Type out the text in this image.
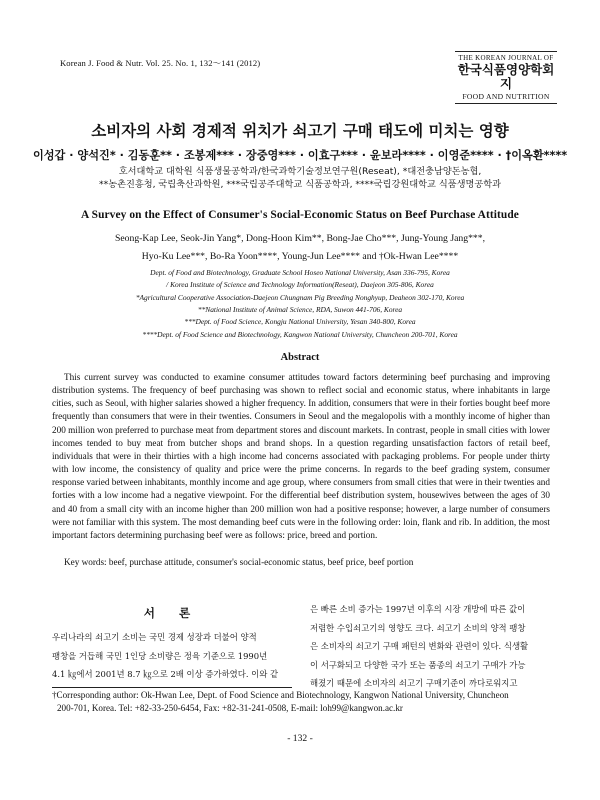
Korean J. Food & Nutr. Vol. 25. No. 1, 132～141 (2012)	THE KOREAN JOURNAL OF
한국식품영양학회지
FOOD AND NUTRITION
소비자의 사회 경제적 위치가 쇠고기 구매 태도에 미치는 영향
이성갑 · 양석진* · 김동훈** · 조봉제*** · 장중영*** · 이효구*** · 윤보라**** · 이영준**** · †이옥환****
호서대학교 대학원 식품생물공학과/한국과학기술정보연구원(Reseat), *대전충남양돈농협,
**농촌진흥청, 국립축산과학원, ***국립공주대학교 식품공학과, ****국립강원대학교 식품생명공학과
A Survey on the Effect of Consumer's Social-Economic Status on Beef Purchase Attitude
Seong-Kap Lee, Seok-Jin Yang*, Dong-Hoon Kim**, Bong-Jae Cho***, Jung-Young Jang***,
Hyo-Ku Lee***, Bo-Ra Yoon****, Young-Jun Lee**** and †Ok-Hwan Lee****
Dept. of Food and Biotechnology, Graduate School Hoseo National University, Asan 336-795, Korea
/ Korea Institute of Science and Technology Information(Reseat), Daejeon 305-806, Korea
*Agricultural Cooperative Association-Daejeon Chungnam Pig Breeding Nonghyup, Deaheon 302-170, Korea
**National Institute of Animal Science, RDA, Suwon 441-706, Korea
***Dept. of Food Science, Kongju National University, Yesan 340-800, Korea
****Dept. of Food Science and Biotechnology, Kangwon National University, Chuncheon 200-701, Korea
Abstract

This current survey was conducted to examine consumer attitudes toward factors determining beef purchasing and improving distribution systems. The frequency of beef purchasing was shown to reflect social and economic status, where inhabitants in large cities, such as Seoul, with higher salaries showed a higher frequency. In addition, consumers that were in their forties bought beef more frequently than consumers that were in their twenties. Consumers in Seoul and the megalopolis with a monthly income of higher than 200 million won preferred to purchase meat from department stores and discount markets. In contrast, people in small cities with lower incomes tended to buy meat from butcher shops and brand shops. In a question regarding unsatisfaction factors of retail beef, individuals that were in their thirties with a high income had concerns associated with packaging problems. For people under thirty with low income, the consistency of quality and price were the prime concerns. In regards to the beef grading system, consumer response varied between inhabitants, monthly income and age group, where consumers from small cities that were in their twenties and forties with a low income had a negative viewpoint. For the differential beef distribution system, housewives between the ages of 30 and 40 from a small city with an income higher than 200 million won had a positive response; however, a large number of consumers were not familiar with this system. The most demanding beef cuts were in the following order: loin, flank and rib. In addition, the most important factors determining purchasing beef were as follows: price, breed and portion.

Key words: beef, purchase attitude, consumer's social-economic status, beef price, beef portion
서 론
우리나라의 쇠고기 소비는 국민 경제 성장과 더불어 양적
팽창을 거듭해 국민 1인당 소비량은 정육 기준으로 1990년
4.1 ㎏에서 2001년 8.7 ㎏으로 2배 이상 증가하였다. 이와 같
은 빠른 소비 증가는 1997년 이후의 시장 개방에 따른 값이
저렴한 수입쇠고기의 영향도 크다. 쇠고기 소비의 양적 팽창
은 소비자의 쇠고기 구매 패턴의 변화와 관련이 있다. 식생활
이 서구화되고 다양한 국가 또는 품종의 쇠고기 구매가 가능
해졌기 때문에 소비자의 쇠고기 구매기준이 까다로워지고
†Corresponding author: Ok-Hwan Lee, Dept. of Food Science and Biotechnology, Kangwon National University, Chuncheon
200-701, Korea. Tel: +82-33-250-6454, Fax: +82-31-241-0508, E-mail: loh99@kangwon.ac.kr
- 132 -
